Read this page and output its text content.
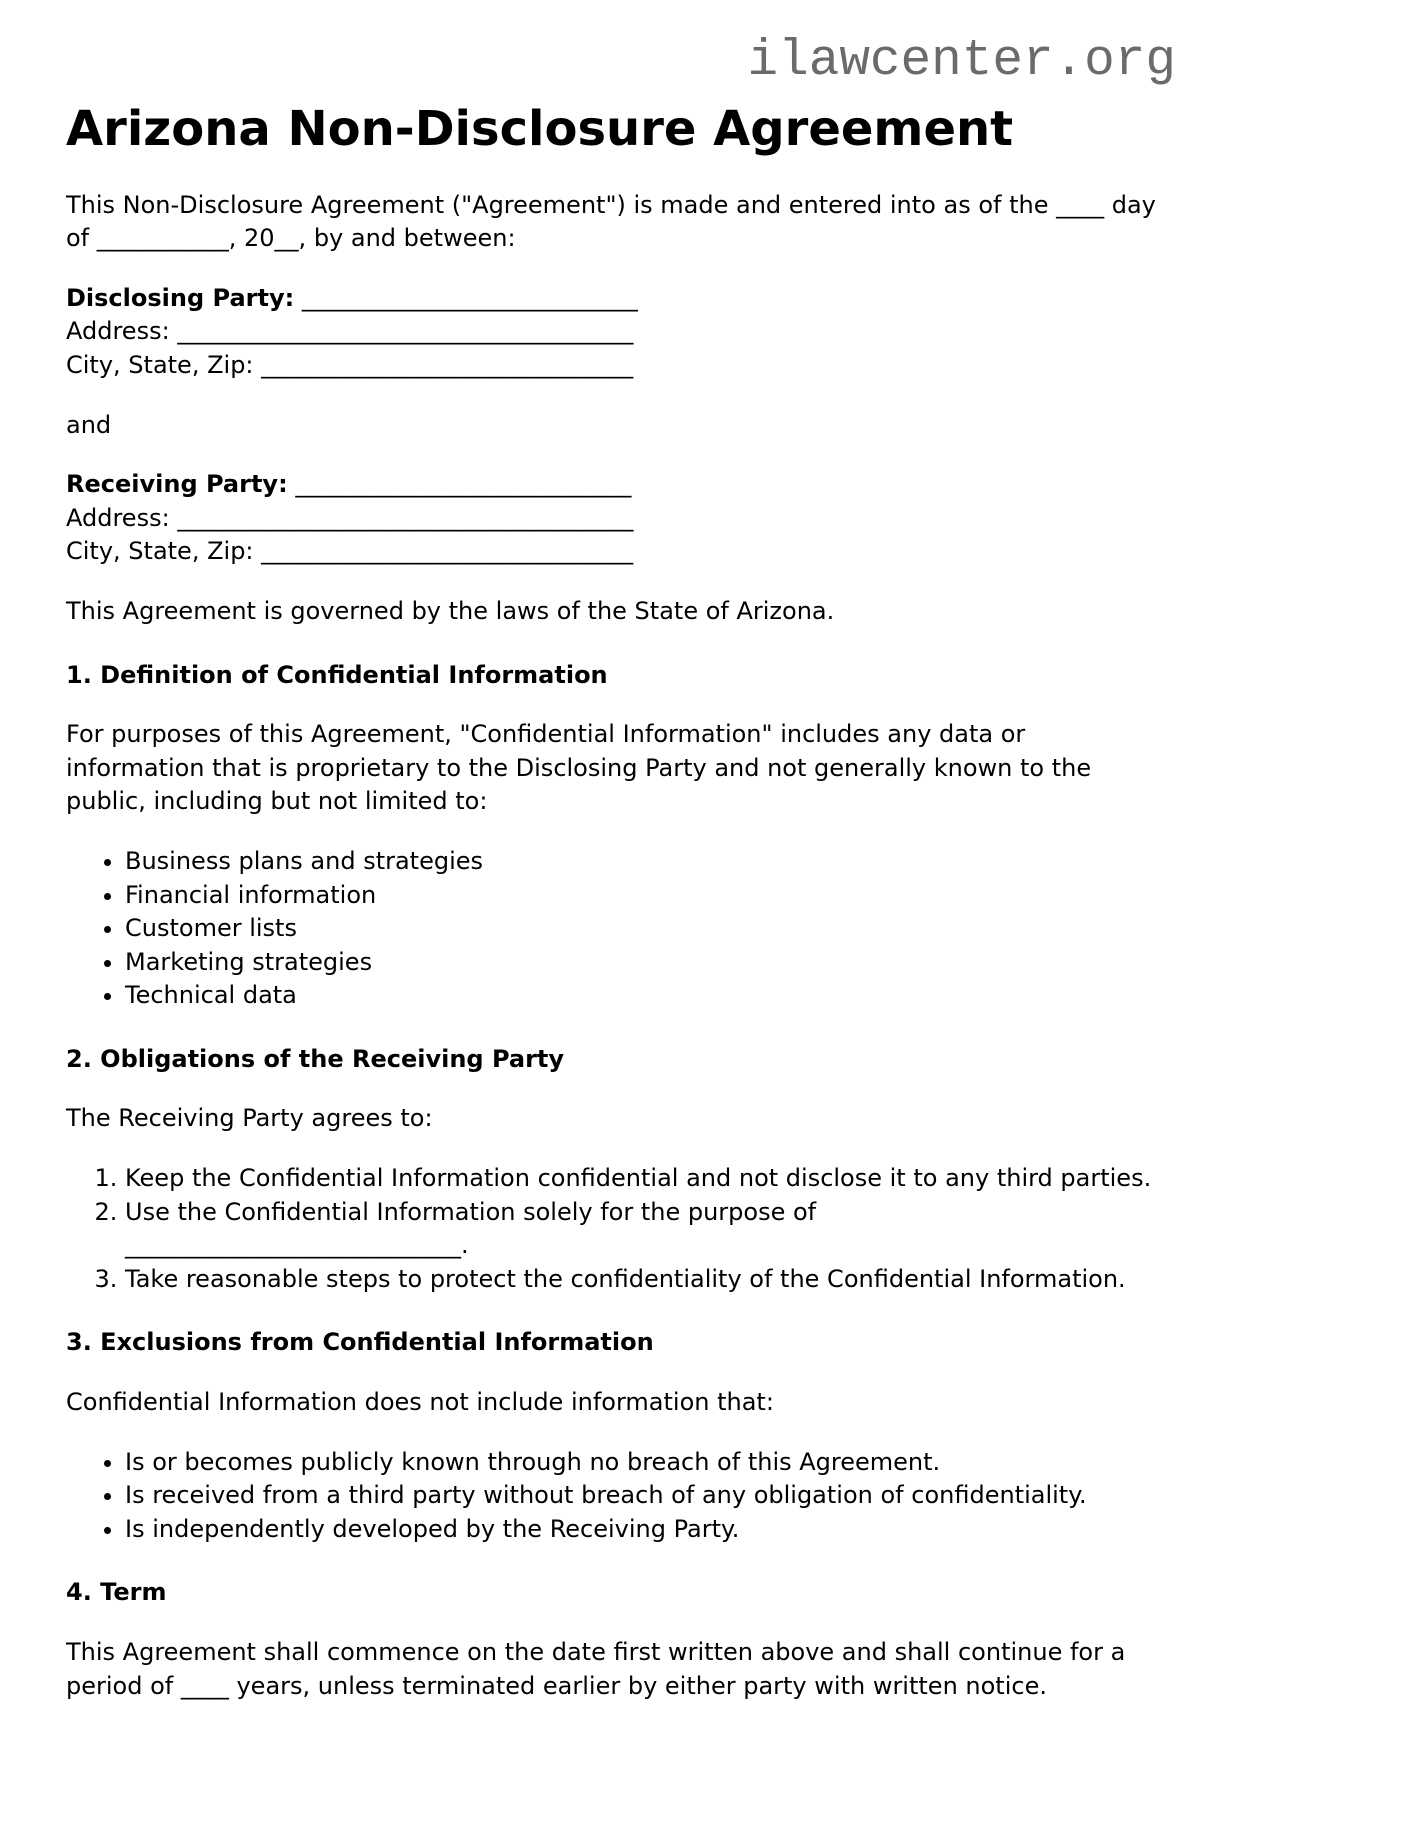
ilawcenter.org
Arizona Non-Disclosure Agreement

This Non-Disclosure Agreement ("Agreement") is made and entered into as of the ____ day of ___________, 20__, by and between:

Disclosing Party: ____________________________
Address: ______________________________________
City, State, Zip: _______________________________

and

Receiving Party: ____________________________
Address: ______________________________________
City, State, Zip: _______________________________

This Agreement is governed by the laws of the State of Arizona.

1. Definition of Confidential Information

For purposes of this Agreement, "Confidential Information" includes any data or information that is proprietary to the Disclosing Party and not generally known to the public, including but not limited to:

• Business plans and strategies
• Financial information
• Customer lists
• Marketing strategies
• Technical data
2. Obligations of the Receiving Party

The Receiving Party agrees to:

1. Keep the Confidential Information confidential and not disclose it to any third parties.
2. Use the Confidential Information solely for the purpose of
____________________________.
3. Take reasonable steps to protect the confidentiality of the Confidential Information.
3. Exclusions from Confidential Information

Confidential Information does not include information that:

• Is or becomes publicly known through no breach of this Agreement.
• Is received from a third party without breach of any obligation of confidentiality.
• Is independently developed by the Receiving Party.
4. Term

This Agreement shall commence on the date first written above and shall continue for a period of ____ years, unless terminated earlier by either party with written notice.
